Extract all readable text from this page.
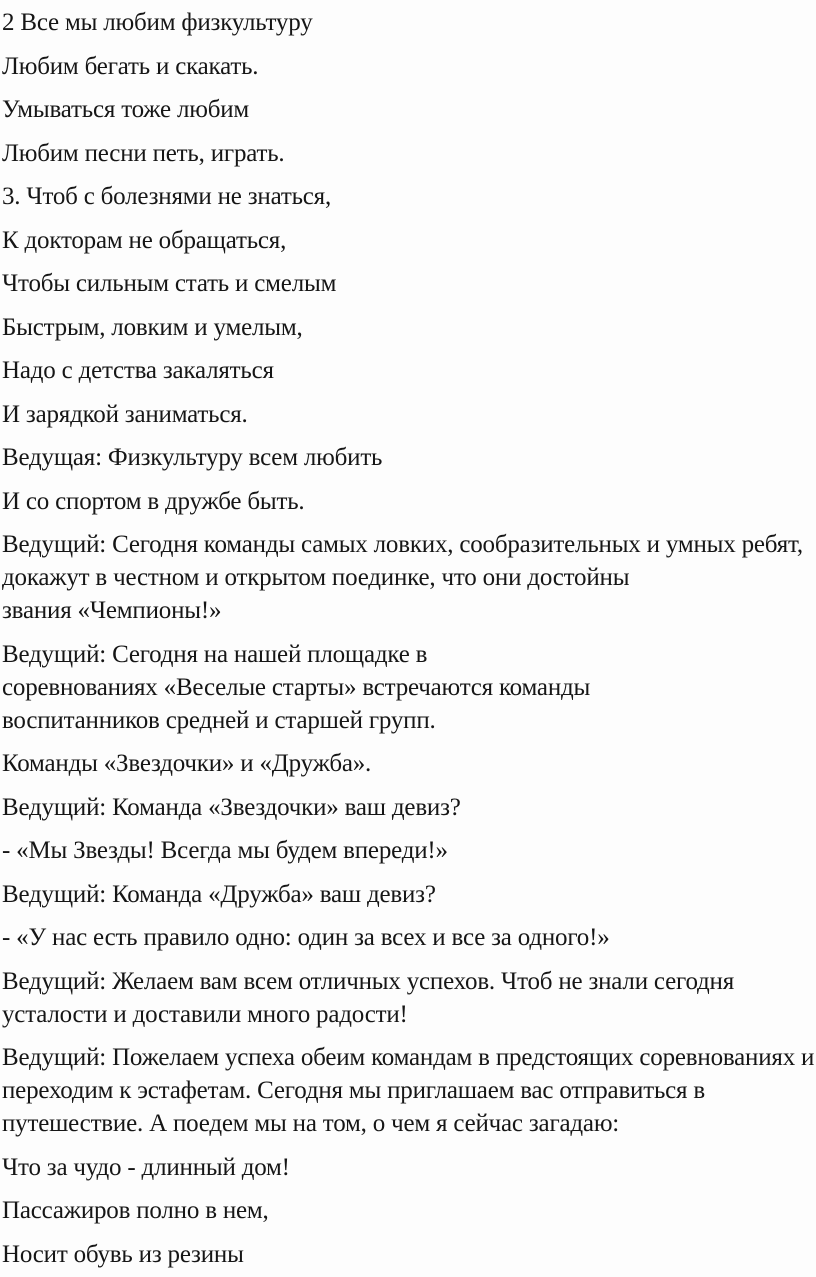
2 Все мы любим физкультуру

Любим бегать и скакать.

Умываться тоже любим

Любим песни петь, играть.

3. Чтоб с болезнями не знаться,

К докторам не обращаться,

Чтобы сильным стать и смелым

Быстрым, ловким и умелым,

Надо с детства закаляться

И зарядкой заниматься.

Ведущая: Физкультуру всем любить

И со спортом в дружбе быть.

Ведущий: Сегодня команды самых ловких, сообразительных и умных ребят,
докажут в честном и открытом поединке, что они достойны
звания «Чемпионы!»

Ведущий: Сегодня на нашей площадке в
соревнованиях «Веселые старты» встречаются команды
воспитанников средней и старшей групп.

Команды «Звездочки» и «Дружба».

Ведущий: Команда «Звездочки» ваш девиз?

- «Мы Звезды! Всегда мы будем впереди!»

Ведущий: Команда «Дружба» ваш девиз?

- «У нас есть правило одно: один за всех и все за одного!»

Ведущий: Желаем вам всем отличных успехов. Чтоб не знали сегодня
усталости и доставили много радости!

Ведущий: Пожелаем успеха обеим командам в предстоящих соревнованиях и
переходим к эстафетам. Сегодня мы приглашаем вас отправиться в
путешествие. А поедем мы на том, о чем я сейчас загадаю:

Что за чудо - длинный дом!

Пассажиров полно в нем,

Носит обувь из резины
